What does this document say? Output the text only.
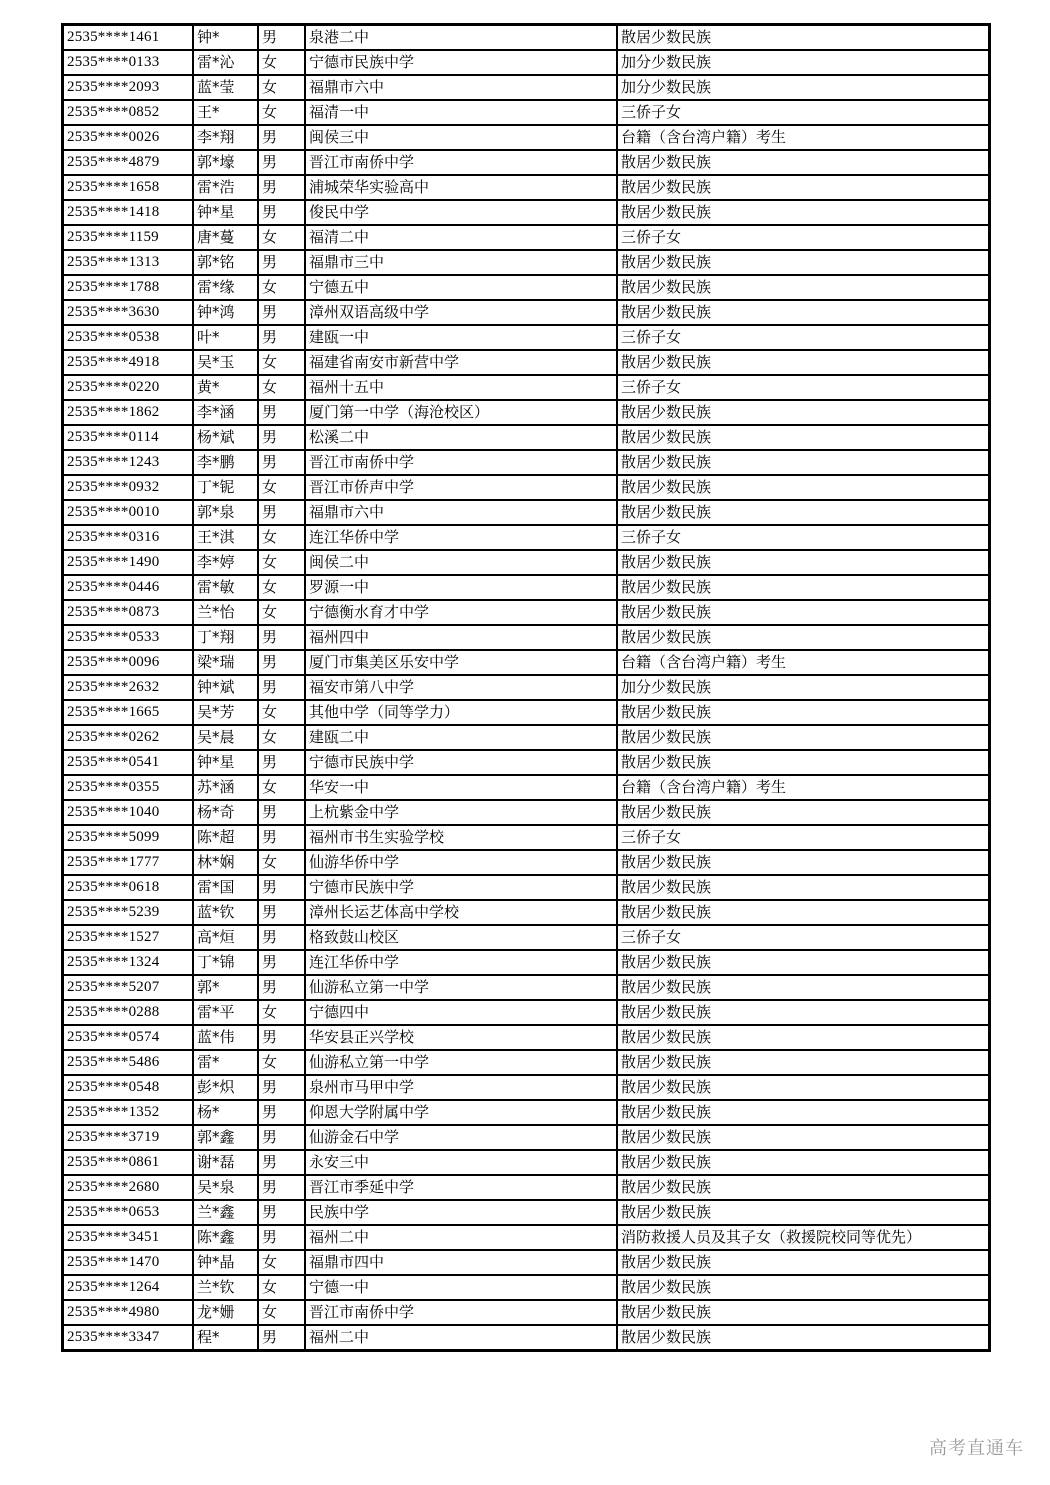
2535****1461	钟*	男	泉港二中	散居少数民族
2535****0133	雷*沁	女	宁德市民族中学	加分少数民族
2535****2093	蓝*莹	女	福鼎市六中	加分少数民族
2535****0852	王*	女	福清一中	三侨子女
2535****0026	李*翔	男	闽侯三中	台籍（含台湾户籍）考生
2535****4879	郭*壕	男	晋江市南侨中学	散居少数民族
2535****1658	雷*浩	男	浦城荣华实验高中	散居少数民族
2535****1418	钟*星	男	俊民中学	散居少数民族
2535****1159	唐*蔓	女	福清二中	三侨子女
2535****1313	郭*铭	男	福鼎市三中	散居少数民族
2535****1788	雷*缘	女	宁德五中	散居少数民族
2535****3630	钟*鸿	男	漳州双语高级中学	散居少数民族
2535****0538	叶*	男	建瓯一中	三侨子女
2535****4918	吴*玉	女	福建省南安市新营中学	散居少数民族
2535****0220	黄*	女	福州十五中	三侨子女
2535****1862	李*涵	男	厦门第一中学（海沧校区）	散居少数民族
2535****0114	杨*斌	男	松溪二中	散居少数民族
2535****1243	李*鹏	男	晋江市南侨中学	散居少数民族
2535****0932	丁*铌	女	晋江市侨声中学	散居少数民族
2535****0010	郭*泉	男	福鼎市六中	散居少数民族
2535****0316	王*淇	女	连江华侨中学	三侨子女
2535****1490	李*婷	女	闽侯二中	散居少数民族
2535****0446	雷*敏	女	罗源一中	散居少数民族
2535****0873	兰*怡	女	宁德衡水育才中学	散居少数民族
2535****0533	丁*翔	男	福州四中	散居少数民族
2535****0096	梁*瑞	男	厦门市集美区乐安中学	台籍（含台湾户籍）考生
2535****2632	钟*斌	男	福安市第八中学	加分少数民族
2535****1665	吴*芳	女	其他中学（同等学力）	散居少数民族
2535****0262	吴*晨	女	建瓯二中	散居少数民族
2535****0541	钟*星	男	宁德市民族中学	散居少数民族
2535****0355	苏*涵	女	华安一中	台籍（含台湾户籍）考生
2535****1040	杨*奇	男	上杭紫金中学	散居少数民族
2535****5099	陈*超	男	福州市书生实验学校	三侨子女
2535****1777	林*娴	女	仙游华侨中学	散居少数民族
2535****0618	雷*国	男	宁德市民族中学	散居少数民族
2535****5239	蓝*钦	男	漳州长运艺体高中学校	散居少数民族
2535****1527	高*烜	男	格致鼓山校区	三侨子女
2535****1324	丁*锦	男	连江华侨中学	散居少数民族
2535****5207	郭*	男	仙游私立第一中学	散居少数民族
2535****0288	雷*平	女	宁德四中	散居少数民族
2535****0574	蓝*伟	男	华安县正兴学校	散居少数民族
2535****5486	雷*	女	仙游私立第一中学	散居少数民族
2535****0548	彭*炽	男	泉州市马甲中学	散居少数民族
2535****1352	杨*	男	仰恩大学附属中学	散居少数民族
2535****3719	郭*鑫	男	仙游金石中学	散居少数民族
2535****0861	谢*磊	男	永安三中	散居少数民族
2535****2680	吴*泉	男	晋江市季延中学	散居少数民族
2535****0653	兰*鑫	男	民族中学	散居少数民族
2535****3451	陈*鑫	男	福州二中	消防救援人员及其子女（救援院校同等优先）
2535****1470	钟*晶	女	福鼎市四中	散居少数民族
2535****1264	兰*钦	女	宁德一中	散居少数民族
2535****4980	龙*姗	女	晋江市南侨中学	散居少数民族
2535****3347	程*	男	福州二中	散居少数民族
高考直通车
